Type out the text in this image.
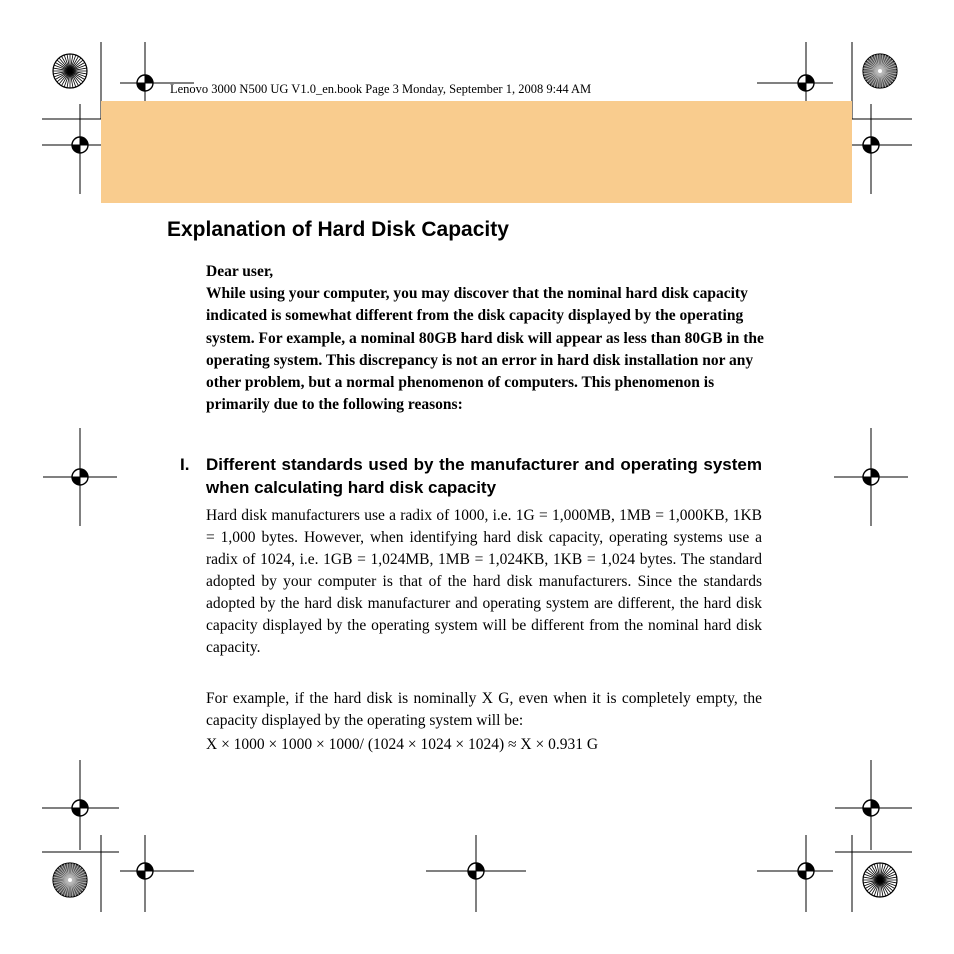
Lenovo 3000 N500 UG V1.0_en.book Page 3 Monday, September 1, 2008 9:44 AM
Explanation of Hard Disk Capacity

Dear user,

While using your computer, you may discover that the nominal hard disk capacity indicated is somewhat different from the disk capacity displayed by the operating system. For example, a nominal 80GB hard disk will appear as less than 80GB in the operating system. This discrepancy is not an error in hard disk installation nor any other problem, but a normal phenomenon of computers. This phenomenon is primarily due to the following reasons:

I. Different standards used by the manufacturer and operating system when calculating hard disk capacity

Hard disk manufacturers use a radix of 1000, i.e. 1G = 1,000MB, 1MB = 1,000KB, 1KB = 1,000 bytes. However, when identifying hard disk capacity, operating systems use a radix of 1024, i.e. 1GB = 1,024MB, 1MB = 1,024KB, 1KB = 1,024 bytes. The standard adopted by your computer is that of the hard disk manufacturers. Since the standards adopted by the hard disk manufacturer and operating system are different, the hard disk capacity displayed by the operating system will be different from the nominal hard disk capacity.

For example, if the hard disk is nominally X G, even when it is completely empty, the capacity displayed by the operating system will be:

X × 1000 × 1000 × 1000/ (1024 × 1024 × 1024) ≈ X × 0.931 G
